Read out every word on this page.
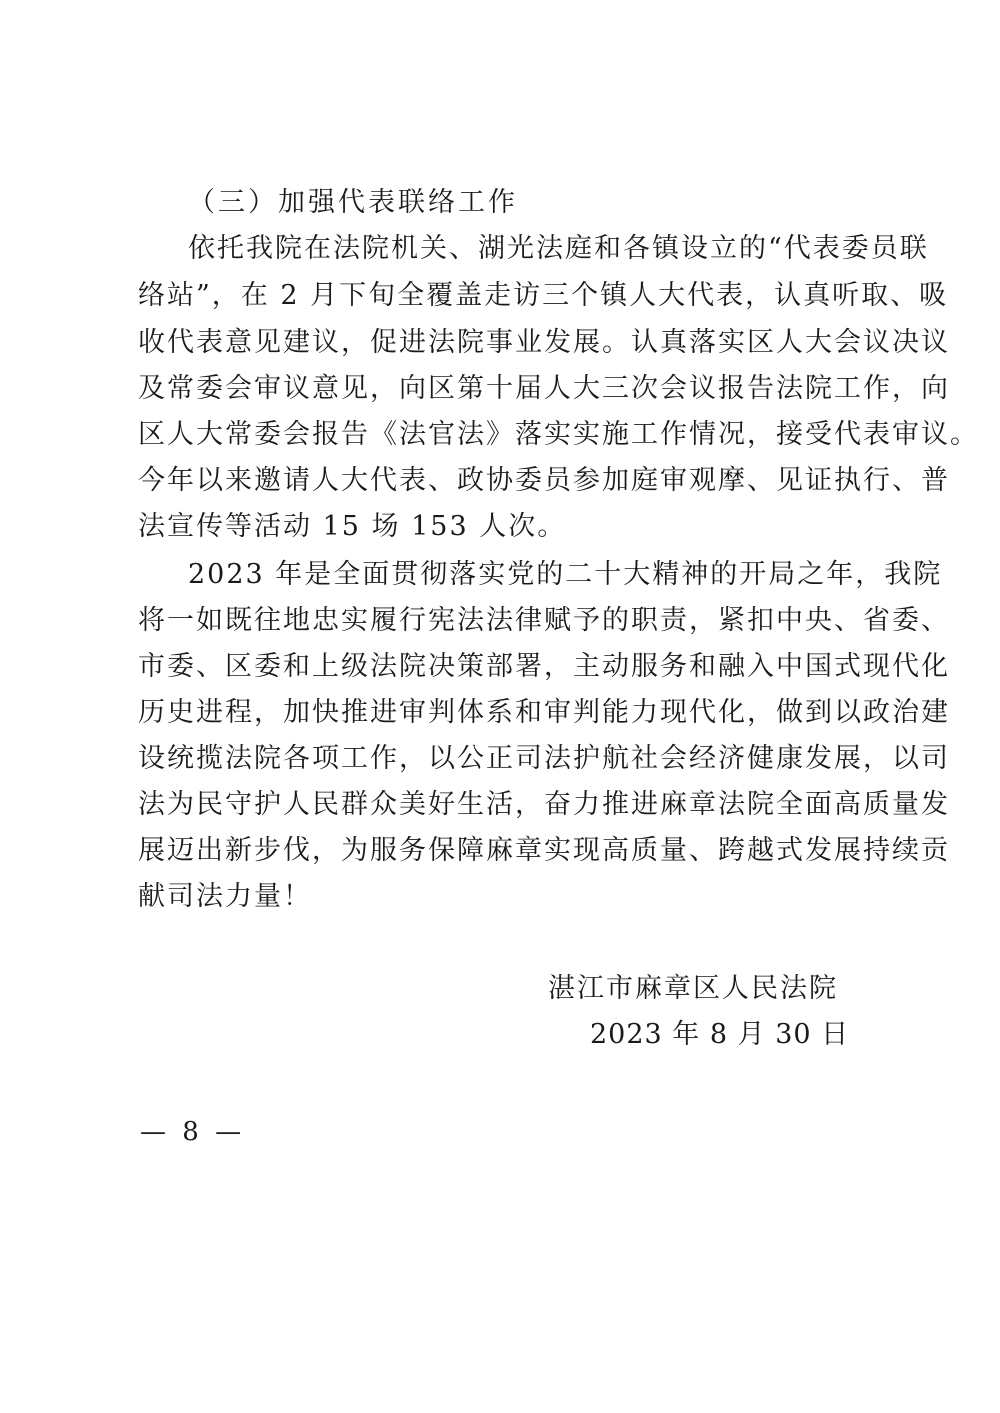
（三）加强代表联络工作
依托我院在法院机关、湖光法庭和各镇设立的“代表委员联
络站”，在 2 月下旬全覆盖走访三个镇人大代表，认真听取、吸
收代表意见建议，促进法院事业发展。认真落实区人大会议决议
及常委会审议意见，向区第十届人大三次会议报告法院工作，向
区人大常委会报告《法官法》落实实施工作情况，接受代表审议。
今年以来邀请人大代表、政协委员参加庭审观摩、见证执行、普
法宣传等活动 15 场 153 人次。
2023 年是全面贯彻落实党的二十大精神的开局之年，我院
将一如既往地忠实履行宪法法律赋予的职责，紧扣中央、省委、
市委、区委和上级法院决策部署，主动服务和融入中国式现代化
历史进程，加快推进审判体系和审判能力现代化，做到以政治建
设统揽法院各项工作，以公正司法护航社会经济健康发展，以司
法为民守护人民群众美好生活，奋力推进麻章法院全面高质量发
展迈出新步伐，为服务保障麻章实现高质量、跨越式发展持续贡
献司法力量！
湛江市麻章区人民法院
2023 年 8 月 30 日
— 8 —
